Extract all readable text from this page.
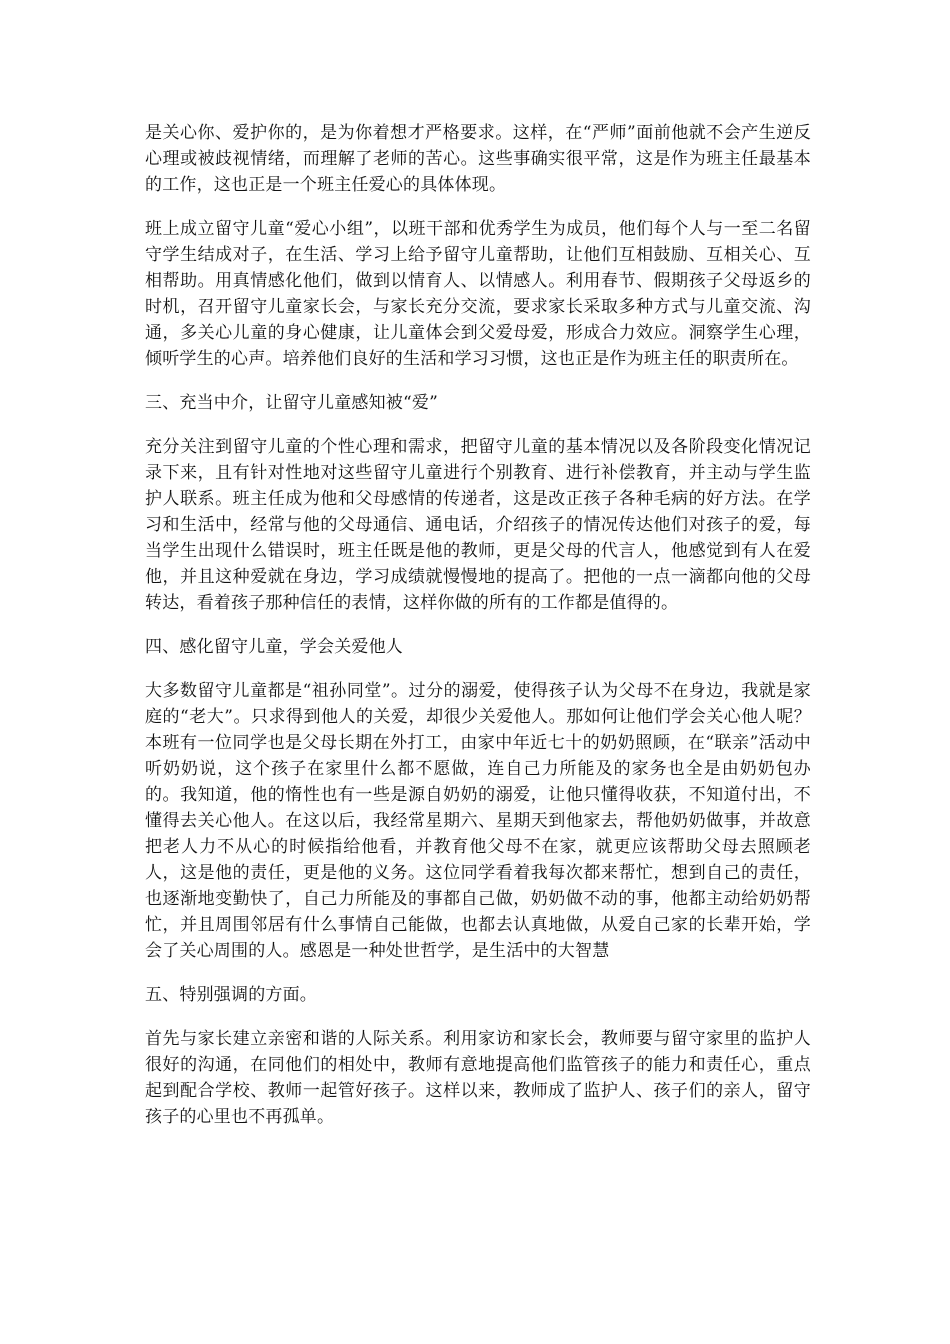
是关心你、爱护你的，是为你着想才严格要求。这样，在“严师”面前他就不会产生逆反心理或被歧视情绪，而理解了老师的苦心。这些事确实很平常，这是作为班主任最基本的工作，这也正是一个班主任爱心的具体体现。

班上成立留守儿童“爱心小组”，以班干部和优秀学生为成员，他们每个人与一至二名留守学生结成对子，在生活、学习上给予留守儿童帮助，让他们互相鼓励、互相关心、互相帮助。用真情感化他们，做到以情育人、以情感人。利用春节、假期孩子父母返乡的时机，召开留守儿童家长会，与家长充分交流，要求家长采取多种方式与儿童交流、沟通，多关心儿童的身心健康，让儿童体会到父爱母爱，形成合力效应。洞察学生心理，倾听学生的心声。培养他们良好的生活和学习习惯，这也正是作为班主任的职责所在。

三、充当中介，让留守儿童感知被“爱”

充分关注到留守儿童的个性心理和需求，把留守儿童的基本情况以及各阶段变化情况记录下来，且有针对性地对这些留守儿童进行个别教育、进行补偿教育，并主动与学生监护人联系。班主任成为他和父母感情的传递者，这是改正孩子各种毛病的好方法。在学习和生活中，经常与他的父母通信、通电话，介绍孩子的情况传达他们对孩子的爱，每当学生出现什么错误时，班主任既是他的教师，更是父母的代言人，他感觉到有人在爱他，并且这种爱就在身边，学习成绩就慢慢地的提高了。把他的一点一滴都向他的父母转达，看着孩子那种信任的表情，这样你做的所有的工作都是值得的。

四、感化留守儿童，学会关爱他人

大多数留守儿童都是“祖孙同堂”。过分的溺爱，使得孩子认为父母不在身边，我就是家庭的“老大”。只求得到他人的关爱，却很少关爱他人。那如何让他们学会关心他人呢？本班有一位同学也是父母长期在外打工，由家中年近七十的奶奶照顾，在“联亲”活动中听奶奶说，这个孩子在家里什么都不愿做，连自己力所能及的家务也全是由奶奶包办的。我知道，他的惰性也有一些是源自奶奶的溺爱，让他只懂得收获，不知道付出，不懂得去关心他人。在这以后，我经常星期六、星期天到他家去，帮他奶奶做事，并故意把老人力不从心的时候指给他看，并教育他父母不在家，就更应该帮助父母去照顾老人，这是他的责任，更是他的义务。这位同学看着我每次都来帮忙，想到自己的责任，也逐渐地变勤快了，自己力所能及的事都自己做，奶奶做不动的事，他都主动给奶奶帮忙，并且周围邻居有什么事情自己能做，也都去认真地做，从爱自己家的长辈开始，学会了关心周围的人。感恩是一种处世哲学，是生活中的大智慧

五、特别强调的方面。

首先与家长建立亲密和谐的人际关系。利用家访和家长会，教师要与留守家里的监护人很好的沟通，在同他们的相处中，教师有意地提高他们监管孩子的能力和责任心，重点起到配合学校、教师一起管好孩子。这样以来，教师成了监护人、孩子们的亲人，留守孩子的心里也不再孤单。
